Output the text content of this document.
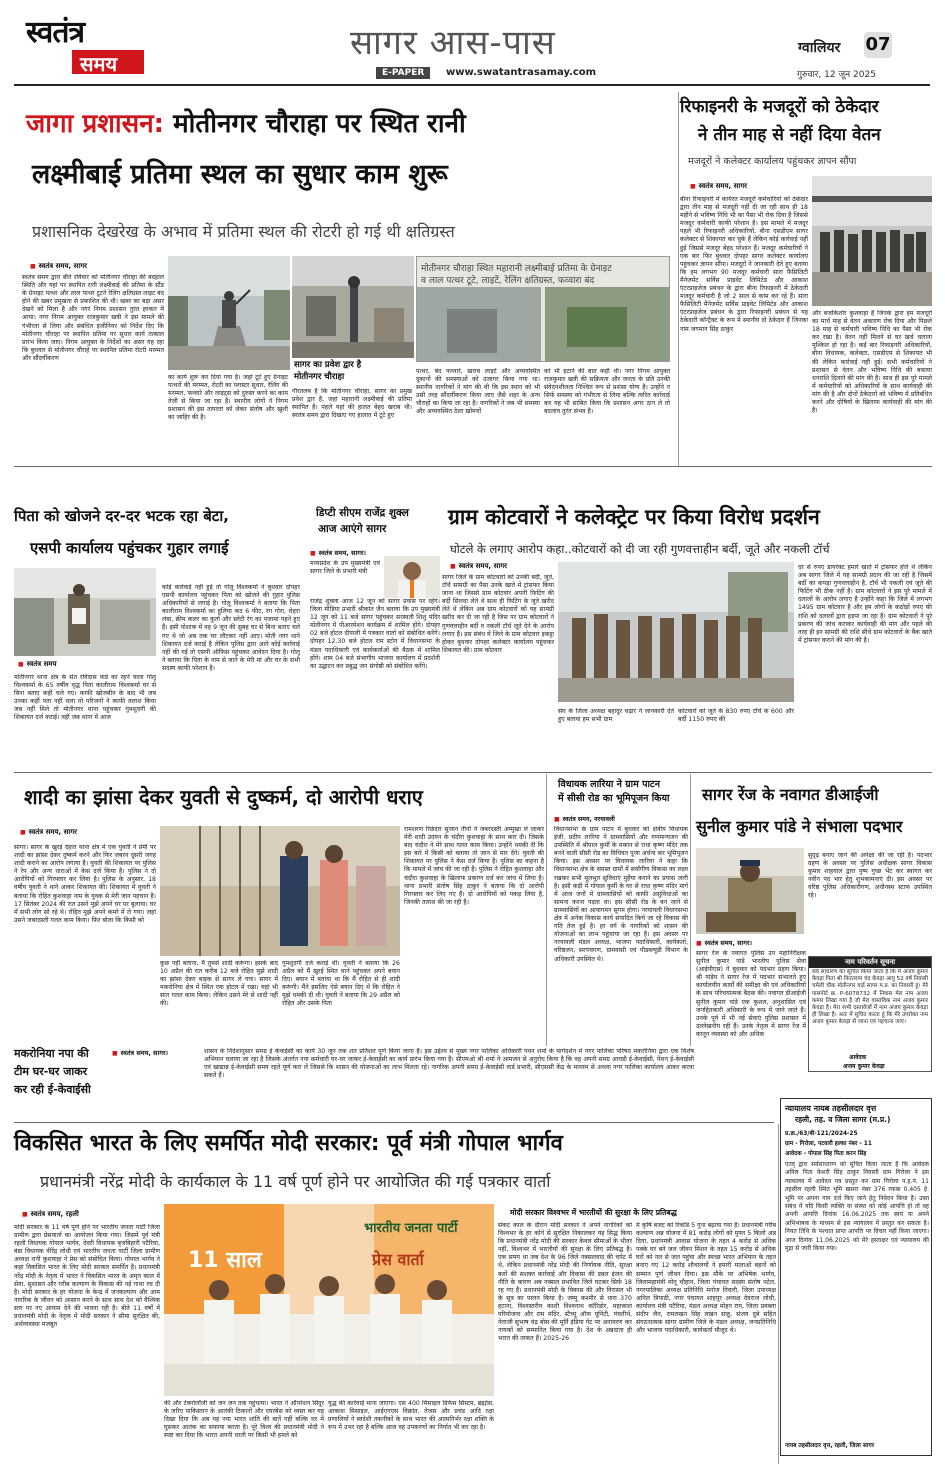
स्वतंत्र
समय
सागर आस-पास
E-PAPER	www.swatantrasamay.com
ग्वालियर 07
गुरुवार, 12 जून 2025
जागा प्रशासन: मोतीनगर चौराहा पर स्थित रानी
लक्ष्मीबाई प्रतिमा स्थल का सुधार काम शुरू
प्रशासनिक देखरेख के अभाव में प्रतिमा स्थल की रोटरी हो गई थी क्षतिग्रस्त
■ स्वतंत्र समय, सागर
स्वतंत्र समय द्वारा बीते रविवार को मोतीनगर चौराहा की बदहाल स्थिति और यहां पर स्थापित रानी लक्ष्मीबाई की प्रतिमा के स्टैंड के ग्रेनाइट पत्थर और लाल पत्थर टूटने रेलिंग क्षतिग्रस्त लाइट बंद होने की खबर प्रमुखता से प्रकाशित की थी। खबर का बड़ा असर देखने को मिला है और नगर निगम प्रशासन तुरंत हरकत में आया। नगर निगम आयुक्त राजकुमार खत्री ने इस मामले की गंभीरता से लिया और संबंधित इंजीनियर को निर्देश दिए कि मोतीनगर चौराहा पर स्थापित प्रतिमा पर सुधार कार्य तत्काल प्रारंभ किया जाए। निगम आयुक्त के निर्देशों का असर यह रहा कि बुधवार से मोतीनगर चौराहे पर स्थापित प्रतिमा रोटरी मरम्मत और सौंदर्यीकरण
सागर का प्रवेश द्वार है
मोतीनगर चौराहा
मोतीनगर चौराहा स्थित महारानी लक्ष्मीबाई प्रतिमा के ग्रेनाइट
व लाल पत्थर टूटे, लाइटें, रेलिंग क्षतिग्रस्त, फव्वारा बंद
का कार्य शुरू कर दिया गया है। जहां टूटे हुए ग्रेनाइट पत्थरों की मरम्मत, रोटरी का प्लास्टर सुधार, रेलिंग की मरम्मत, फव्वारे और लाइट्स को दुरुस्त करने का काम तेजी से किया जा रहा है। स्थानीय लोगों ने निगम प्रशासन की इस तत्परता को लेकर संतोष और खुशी का जाहिर की है।
गौरतलब है कि मोतीनगर चौराहा, सागर का प्रमुख प्रवेश द्वार है, जहां महारानी लक्ष्मीबाई की प्रतिमा स्थापित है। पहले यहां की हालत बेहद खराब थी। स्वतंत्र समय द्वारा दिखाए गए हालात में टूटे हुए
पत्थर, बंद फव्वारे, खराब लाइटें और अव्यवस्थित दुकानों की समस्याओं को उजागर किया गया था। स्थानीय नागरिकों ने मांग की थी कि इस स्थान को भी उसी तरह सौंदर्यीकरण किया जाए जैसे शहर के अन्य चौराहों का किया जा रहा है। नागरिकों ने जब भी समस्या और अव्यवस्थित ठेला खोमचों
को भी हटाने की बात कही थी। नगर निगम आयुक्त राजकुमार खत्री की सक्रियता और जनता के प्रति उनकी संवेदनशीलता निश्चित रूप से प्रशंसा योग्य है। उन्होंने न सिर्फ समस्या को गंभीरता से लिया बल्कि त्वरित कार्रवाई कर यह भी साबित किया कि प्रशासन अगर ठान ले तो बदलाव तुरंत संभव है।
रिफाइनरी के मजदूरों को ठेकेदार
ने तीन माह से नहीं दिया वेतन
मजदूरों ने कलेक्टर कार्यालय पहुंचकर ज्ञापन सौंपा
■ स्वतंत्र समय, सागर
बीना रिफाइनरी में कार्यरत मजदूरों कर्मचारियों को ठेकेदार द्वारा तीन माह से मजदूरी नहीं दी जा रही साथ ही 18 महीने से भविष्य निधि भी का पैसा भी रोक दिया है जिससे मजदूर कर्मचारी काफी परेशान है। इस मामले में मजदूर पहले भी रिफाइनरी अधिकारियों, बीना एसडीएम सागर कलेक्टर से शिकायत कर चुके हैं लेकिन कोई कार्रवाई नहीं हुई जिससे मजदूर बेहद परेशान हैं। मजदूर कर्मचारियों ने एक बार फिर बुधवार दोपहर सागर कलेक्टर कार्यालय पहुंचकर ज्ञापन सौंपा। मजदूरों ने जानकारी देते हुए बताया कि हम लगभग 90 मजदूर कर्मचारी सारा फैसिलिटी मैनेजमेंट सर्विस प्राइवेट लिमिटेड और आकाश एंटरप्राइजेज प्रबंधन के द्वारा बीना रिफाइनरी में ठेकेदारी मजदूर कर्मचारी है जो 2 साल से काम कर रहे हैं। सारा फैसिलिटी मैनेजमेंट सर्विस प्राइवेट लिमिटेड और आकाश एंटरप्राइजेज प्रबंधन के द्वारा रिफाइनरी प्रबंधन से यह ठेकेदारी कॉन्ट्रैक्ट के रूप में स्थानीय दो ठेकेदार हैं जिनका नाम जगमान सिंह ठाकुर
और बजकिशोर कुशवाहा है जिनके द्वारा हम मजदूरों का मार्च माह से वेतन अकारण रोक दिया और पिछले 18 माह से कर्मचारी भविष्य निधि का पैसा भी रोक कर रखा है। वेतन नहीं मिलने से घर खर्च चलाना मुश्किल हो रहा है। कई बार रिफाइनरी अधिकारियों, बीना विधायक, कलेक्टर, एसडीएम से शिकायत भी की लेकिन कार्रवाई नहीं हुई। सभी कर्मचारियों ने प्रशासन से वेतन और भविष्य निधि की बकाया धनराशि दिलाने की मांग की है। साथ ही इस पूरे मामले में कर्मचारियों को अधिकारियों के साथ कार्यवाही की मांग की है और दोनों ठेकेदारों को भविष्य में प्रतिबंधित करने और दोषियों के खिलाफ कार्यवाही की मांग की है।
पिता को खोजने दर-दर भटक रहा बेटा,
एसपी कार्यालय पहुंचकर गुहार लगाई
■ स्वतंत्र समय
मोतीनगर थाना क्षेत्र के संत रविदास वार्ड का रहने वाला गोलू विश्वकर्मा के 65 वर्षीय वृद्ध पिता कालीराम विश्वकर्मा घर से बिना बताए कहीं चले गए। काफी खोजबीन के बाद भी जब उनका कहीं पता नहीं चला तो परिजनों ने काफी तलाश किया जब नहीं मिले तो मोतीनगर थाना पहुंचकर गुमशुदगी की शिकायत दर्ज कराई। वहीं जब थाना में आज
कोई कार्रवाई नहीं हुई तो गोलू विश्वकर्मा ने बुधवार दोपहर एसपी कार्यालय पहुंचकर पिता को खोजने की गुहार पुलिस अधिकारियों से लगाई है। गोलू विश्वकर्मा ने बताया कि पिता कालीराम विश्वकर्मा का हुलिया कद 6 फीट, रंग गोरा, चेहरा लंबा, क्रीम कलर का कुर्ता और स्लेटी रंग का पजामा पहने हुए हैं। इसी पोशाक में वह 9 जून की सुबह घर से बिना बताए चले गए थे जो अब तक घर लौटकर नहीं आए। मोती नगर थाने शिकायत दर्ज कराई है लेकिन पुलिस द्वारा आगे कोई कार्रवाई नहीं की गई तो एसपी ऑफिस पहुंचकर आवेदन दिया है। गोलू ने बताया कि पिता के नाम से जाने के मेरी मां और घर के सभी सदस्य काफी परेशान है।
डिप्टी सीएम राजेंद्र शुक्ल
आज आएंगे सागर
■ स्वतंत्र समय, सागर।
मध्यप्रदेश के उप मुख्यमंत्री एवं सागर जिले के प्रभारी मंत्री
राजेंद्र शुक्ला आज 12 जून को सागर प्रवास पर रहेंगे। जिला मीडिया प्रभारी श्रीकांत जैन बताया कि उप मुख्यमंत्री 12 जून को 11 बजे सागर पहुंचकर सरस्वती शिशु मंदिर मोतीनगर में पीआरमेशन कार्यक्रम में शामिल होंगे। दोपहर 02 बजे होटल दीपाली में पत्रकार वार्ता को संबोधित करेंगे। दोपहर 12.30 बजे होटल राम स्टोन में विधानसभा के मंडल पदाधिकारी एवं कार्यकर्ताओं की बैठक में शामिल होंगे। शाम 04 बजे संभागीय भाजपा कार्यालय में प्रदर्शनी का उद्घाटन कर प्रबुद्ध जन संगोष्ठी को संबोधित करेंगे।
ग्राम कोटवारों ने कलेक्ट्रेट पर किया विरोध प्रदर्शन
घोटले के लगाए आरोप कहा..कोटवारों को दी जा रही गुणवत्ताहीन बर्दी, जूते और नकली टॉर्च
■ स्वतंत्र समय, सागर
सागर जिले के ग्राम कोटवारों को उनकी बर्दी, जूते, टॉर्च सामग्री का पैसा उनके खाते में ट्रांसफर किया जाना था जिससे ग्राम कोटवार अपनी फिटिंग की बर्दी सिलवा लेते थे साथ ही फिटिंग के जूते खरीद लेते थे लेकिन अब ग्राम कोटवारों को यह सामग्री खरीद कर दी जा रही है जिस पर ग्राम कोटवारों ने गुणवत्ताहीन बर्दी व नकली टॉर्च जूते देने के आरोप लगाए हैं। इस संबंध में जिले के ग्राम कोटवार इकट्ठा होकर बुधवार दोपहर कलेक्टर कार्यालय पहुंचकर शिकायत की। ग्राम कोटवार
संघ के जिला अध्यक्ष बहादुर चढ़ार ने जानकारी देते हुए बताया हम सभी ग्राम
कोटवारों को जूते के 830 रुपए टॉर्च के 600 और बर्दी 1150 रुपए की
दर से रुपए डायरेक्ट हमारे खाते में ट्रांसफर होते थे लेकिन अब सागर जिले में यह सामग्री प्रदान की जा रही है जिसमें बर्दी का कपड़ा गुणवत्ताहीन है, टॉर्च भी नकली एवं जूते की फिटिंग भी ठीक नहीं है। ग्राम कोटवारों ने इस पूरे मामले में दलालों के आरोप लगाए है उन्होंने कहा कि जिले में लगभग 1495 ग्राम कोटवार है और हम लोगों के कठोड़ों रुपए की राशि को दलालों द्वारा हड़पा जा रहा है। ग्राम कोटवारों ने पूरे प्रकरण की जांच कराकर कार्यवाही की मांग और पहले की तरह ही इन सामग्री की राशि सीधे ग्राम कोटवारों के बैंक खाते में ट्रांसफर कराने की मांग की है।
शादी का झांसा देकर युवती से दुष्कर्म, दो आरोपी धराए
■ स्वतंत्र समय, सागर
सागर। सागर के खुरई देहात थाना क्षेत्र में एक युवती ने प्रेमी पर शादी का झांसा देकर दुष्कर्म करने और फिर जबरन दूसरी जगह शादी कराने का आरोप लगाया है। युवती की शिकायत पर पुलिस ने रेप और अन्य धाराओं में केस दर्ज किया है। पुलिस ने दो आरोपियों को गिरफ्तार कर लिया है। पुलिस के अनुसार, 18 वर्षीय युवती ने थाने आकर शिकायत की। शिकायत में युवती ने बताया कि रोहित कुशवाहा नाम के युवक से मेरी जान पहचान है। 17 सितंबर 2024 की रात उसने मुझे अपने घर पर बुलाया। घर में सभी लोग सो रहे थे। रोहित मुझे अपने कमरे में ले गया। जहां उसने जबरदस्ती गलत काम किया। फिर बोला कि किसी को
कुछ नहीं बताना, मैं तुमसे शादी करूंगा। इसके बाद 10 अप्रैल की रात करीब 12 बजे रोहित मुझे शादी का झांसा देकर बाइक से सागर ले गया। सागर में मकरोनिया क्षेत्र में स्थित एक होटल में रखा। यहां भी सात गलत काम किया। लेकिन उसने मेरे से शादी नहीं की।
गुमशुदगी दर्ज कराई थी। युवती ने बताया कि 26 अप्रैल को मैं खुरई स्थित थाने पहुंचकर अपने बयान दिए। बयान में बताया था कि मैं रोहित से ही शादी करूंगी। मैंने इसलिए ऐसे बयान दिए थे कि रोहित ने मुझे धमकी दी थी। युवती ने बताया कि 29 अप्रैल को रोहित और उसके पिता
रामशरण रिछेदार सुजान तीनों ने जबरदस्ती अम्मुखा ले जाकर मेरी शादी उदयन के चंदौरा कुशवाहा के साथ करा दी। जिसके बाद चंदौरा ने मेरे साथ गलत काम किया। उन्होंने धमकी दी कि इस बारे में किसी को बताया तो जान से मार देंगे। युवती की शिकायत पर पुलिस ने केस दर्ज किया है। पुलिस का कहना है कि मामले में जांच की जा रही है। पुलिस ने रोहित कुशवाहा और चंदौरा कुशवाहा के खिलाफ प्रकरण दर्ज कर जांच में लिया है। थाना प्रभारी संतोष सिंह ठाकुर ने बताया कि दो आरोपी गिरफ्तार कर लिए गए हैं। दो आरोपियों को पकड़ लिया है, जिनकी तलाश की जा रही है।
विधायक लारिया ने ग्राम पाटन
में सीसी रोड का भूमिपूजन किया
■ स्वतंत्र समय, नरयावली
विधानसभा के ग्राम पाटन में बुधवार को क्षेत्रीय विधायक इंजी. प्रदीप लारिया ने ग्रामवासियों और गणमान्यजन की उपस्थिति में श्रीपाल कुर्मी के मकान से राधा कृष्ण मंदिर तक बनने वाली सीसी रोड का विधिवत पूजा अर्चना कर भूमिपूजन किया। इस अवसर पर विधायक लारिया ने कहा कि विधानसभा क्षेत्र के समस्त ग्रामों में सर्वांगीण विकास का लक्ष्य रखकर सभी मूलभूत सुविधाएं मुहैया कराने का प्रयास जारी है। इसी कड़ी में गोपाल कुर्मी के घर से राधा कृष्ण मंदिर मार्ग में आज जनों में ग्रामवासियों को काफी असुविधाओं का सामना करना पड़ता था। इस सीसी रोड के बन जाने से ग्रामवासियों का आवागमन सुगम होगा। नरयावली विधानसभा क्षेत्र में अनेक विकास कार्य संपादित किये जा रहे विकास की गति तेज हुई है। हर वर्ग के नागरिकों को शासन की योजनाओं का लाभ पहुंचाया जा रहा है। इस अवसर पर नरयावली मंडल अध्यक्ष, भाजपा पदाधिकारी, कार्यकर्ता, वरिष्ठजन, सरपंचगण, ग्रामवासी एवं पीडब्ल्यूडी विभाग के अधिकारी उपस्थित थे।
सागर रेंज के नवागत डीआईजी
सुनील कुमार पांडे ने संभाला पदभार
सुदृढ़ बनाए जाने की अपेक्षा की जा रही है। पदभार ग्रहण के अवसर पर पुलिस अधीक्षक सागर विकास कुमार शाहवाल द्वारा पुष्प गुच्छ भेंट कर स्वागत कर नवीन पद भार हेतु शुभकामनाएं दी। इस अवसर पर वरिष्ठ पुलिस अधिकारीगण, अधीनस्थ स्टाफ उपस्थित रहे।
■ स्वतंत्र समय, सागर।
सागर रेंज के नवागत पुलिस उप महानिरीक्षक सुनील कुमार पांडे भारतीय पुलिस सेवा (आईपीएस) ने बुधवार को पदभार ग्रहण किया। श्री पांडेय ने सागर रेंज में पदभार संभालते हुए कार्यालयीन कार्यों की समीक्षा की एवं अधिकारियों के साथ परिचयात्मक बैठक की। नवागत डीआईजी सुनील कुमार पांडे एक कुशल, अनुशासित एवं जनहितकारी अधिकारी के रूप में जाने जाते हैं। उनके पूर्व में भी नई सेवाएं पुलिस प्रशासन में उल्लेखनीय रही हैं। उनके नेतृत्व में सागर रेंज में कानून व्यवस्था को और अधिक
नाम परिवर्तन सूचना
सर्व साधारण को सूचित किया जाता है कि मैं अजय कुमार केवड़ा पिता श्री फिरतराम चंद केवड़ा आयु 52 वर्ष निवासी चमेली चौक मोतीनगर वार्ड सागर म.प्र. का निवासी हूं। मेरे पासपोर्ट क्र. P-6078732 में निवास मेरा नाम अजय कमार लिखा गया है जो मेरा वास्तविक नाम अजय कुमार केवड़ा है। मेरा सभी दस्तावेजों में नाम अजय कुमार केवड़ा ही लिखा है। अतः में सूचित करता हूं कि मेरे उपरोक्त नाम अजय कुमार केवड़ा से जाना एवं पहचाना जाए।
आवेदक
अजय कुमार केवड़ा
मकरोनिया नपा की
टीम घर-घर जाकर
कर रही ई-केवाईसी
■ स्वतंत्र समय, सागर।	शासन के निर्देशानुसार समग्र ई केवाईसी का कार्य 30 जून तक शत प्रतिशत पूर्ण किया जाना है। इस उद्देश्य से मुख्य नगर पालिका अधिकारी पवन शर्मा के मार्गदर्शन में नगर पालिका परिषद मकरोनिया द्वारा एक विशेष अभियान चलाया जा रहा है जिसके अंतर्गत नपा कर्मचारी घर-घर जाकर ई-केवाईसी का कार्य प्रारंभ किया गया है। सीएमओ श्री शर्मा ने आमजन से अनुरोध किया है कि वह अपनी समग्र आयडी ई-केवाईसी, पेंशन ई-केवाईसी एवं खाद्यान्न ई-केवाईसी समय रहते पूर्ण करा लें जिससे कि शासन की योजनाओं का लाभ मिलता रहे। नागरिक अपनी समग्र ई-केवाईसी वार्ड प्रभारी, सीएससी केंद्र के माध्यम से अथवा नगर पालिका कार्यालय आकर करवा सकते हैं।
न्यायालय नायब तहसीलदार वृत्त
रहली, तह. व जिला सागर (म.प्र.)
प्र.क्र./63/बी-121/2024-25
ग्राम - गिरोला, पटवारी हल्का नंबर - 11
आवेदक - गोपाल सिंह पिता करन सिंह
एतद् द्वारा सर्वसाधारण को सूचित किया जाता है कि आवेदक अनिल पिता केशरी सिंह ठाकुर निवासी ग्राम गिरोला ने इस न्यायालय में आवेदन पत्र प्रस्तुत कर ग्राम गिरोला प.ह.नं. 11 तहसील रहली स्थित भूमि खसरा नंबर 376 रकबा 0.405 हे. भूमि पर अपना नाम दर्ज किए जाने हेतु निवेदन किया है। उक्त संबंध में यदि किसी व्यक्ति या संस्था को कोई आपत्ति हो तो वह अपनी आपत्ति दिनांक 16.06.2025 तक स्वयं या अपने अभिभाषक के माध्यम से इस न्यायालय में प्रस्तुत कर सकता है। नियत तिथि के पश्चात प्राप्त आपत्ति पर विचार नहीं किया जाएगा। आज दिनांक 11.06.2025 को मेरे हस्ताक्षर एवं न्यायालय की मुद्रा से जारी किया गया।
नायब तहसीलदार वृत्त, रहली, जिला सागर
विकसित भारत के लिए समर्पित मोदी सरकार: पूर्व मंत्री गोपाल भार्गव
प्रधानमंत्री नरेंद्र मोदी के कार्यकाल के 11 वर्ष पूर्ण होने पर आयोजित की गई पत्रकार वार्ता
■ स्वतंत्र समय, रहली
मोदी सरकार के 11 वर्ष पूर्ण होने पर भारतीय जनता पार्टी जिला ग्रामीण द्वारा प्रेसवार्ता का आयोजन किया गया। जिसमें पूर्व मंत्री रहली विधायक गोपाल भार्गव, देवरी विधायक बृजबिहारी पटैरिया, बंडा विधायक वीरेंद्र लोधी एवं भारतीय जनता पार्टी जिला ग्रामीण अध्यक्ष रानी कुशवाहा ने प्रेस को संबोधित किया। गोपाल भार्गव ने कहा विकसित भारत के लिए मोदी सरकार समर्पित है। प्रधानमंत्री नरेंद्र मोदी के नेतृत्व में भारत ने विकसित भारत के अमृत काल में सेवा, सुशासन और गरीब कल्याण के विकास की नई गाथा रच दी है। मोदी सरकार के हर योजना के केन्द्र में जनकल्याण और आम नागरिक के जीवन को आसान करने के साथ साथ देश को वैश्विक स्तर पर नए आयाम देने की भावना रही है। बीते 11 वर्षों में प्रधानमंत्री मोदी के नेतृत्व में मोदी सरकार ने सीमा सुरक्षित की, अर्थव्यवस्था मजबूत
भारतीय जनता पार्टी
11 साल	प्रेस वार्ता
की और टेक्नोलॉजी को जन जन तक पहुंचाया। भारत ने ऑपरेशन सिंदूर के जरिए पाकिस्तान के आतंकी ठिकानों और एयरबेस को ध्वस्त कर यह दिखा दिया कि अब यह नया भारत शांति की बातें नहीं बल्कि घर में घुसकर आतंक का सफाया करता है। पूरे विश्व की प्रधानमंत्री मोदी ने स्पष्ट कर दिया कि भारत अपनी धरती पर किसी भी हमले को
युद्ध की कार्रवाई माना जाएगा। एस 400 मिसाइल डिफेंस सिस्टम, ब्रह्मोस, आकाश मिसाइल, आईएनएस विक्रांत, तेजस और प्रचंड आदि रक्षा प्रणालियों ने स्वदेशी तकनीकों के साथ भारत की आत्मनिर्भर रक्षा शक्ति के रूप में उभर रहा है बल्कि आज वह उपकरणों का निर्यात भी कर रहा है।
मोदी सरकार विश्वभर में भारतीयों की सुरक्षा के लिए प्रतिबद्ध
संकट काल के दौरान मोदी सरकार ने अपने नागरिकों को विश्वभर के हर कोने से सुरक्षित निकालकर यह सिद्ध किया कि प्रधानमंत्री नरेंद्र मोदी की सरकार केवल सीमाओं के भीतर नहीं, विश्वभर में भारतीयों की सुरक्षा के लिए प्रतिबद्ध है। एक समय था जब देश के 96 जिले नक्सलवाद की चपेट में थे, लेकिन प्रधानमंत्री नरेंद्र मोदी की निर्णायक नीति, सुरक्षा बलों की सशक्त कार्रवाई और विकास की डबल इंजन की नीति के कारण अब नक्सल प्रभावित जिले घटकर सिर्फ 18 रह गए हैं। प्रधानमंत्री मोदी के विकास की और विरासत भी के सूत्र का पालन किया है। जम्मू कश्मीर से धारा 370 हटाना, विश्वस्तरीय काशी विश्वनाथ कॉरिडोर, महाकाल परियोजना और राम मंदिर, स्टैच्यू ऑफ यूनिटी, पंचतीर्थ, नेताजी सुभाष चंद्र बोस की मूर्ति इंडिया गेट पर अनावरण कर नायकों को सम्मानित किया गया है। देश के अन्नदाता ही भारत की ताकत हैं। 2025-26
में कृषि बजट को रिकॉर्ड 5 गुना बढ़ाया गया है। प्रधानमंत्री गरीब कल्याण अन्न योजना में 81 करोड़ लोगों को मुफ्त 5 किलो अन्न दिया, प्रधानमंत्री आवास योजना के तहत 4 करोड़ से अधिक पक्के घर बने जल जीवन मिशन के तहत 15 करोड़ से अधिक घरों को नल से जल पहुंचा और स्वच्छ भारत अभियान के तहत बनाए गए 12 करोड़ शौचालयों ने हमारी माताओं बहनों को सम्मान पूर्ण जीवन दिया। इस मौके पर अभिषेक भार्गव, जिलामहामंत्री मोनू चौहान, जिला पंचायत सदस्य संतोष पटेल, नगरपालिका अध्यक्ष प्रतिनिधि मनोज तिवारी, जिला उपाध्यक्ष अनिल त्रिपाठी, नगर पंचायत शाहपुर अध्यक्ष देवराज लोधी, कार्यालय मंत्री पटैरिया, मंडल अध्यक्ष मोहन राय, जिला प्रवक्ता संदीप जैन, रामलखन सिंह लखन साहू, संजय दुबे सहित संगठनात्मक सागर ग्रामीण जिले के मंडल अध्यक्ष, जनप्रतिनिधि और भाजपा पदाधिकारी, कार्यकर्ता मौजूद थे।
